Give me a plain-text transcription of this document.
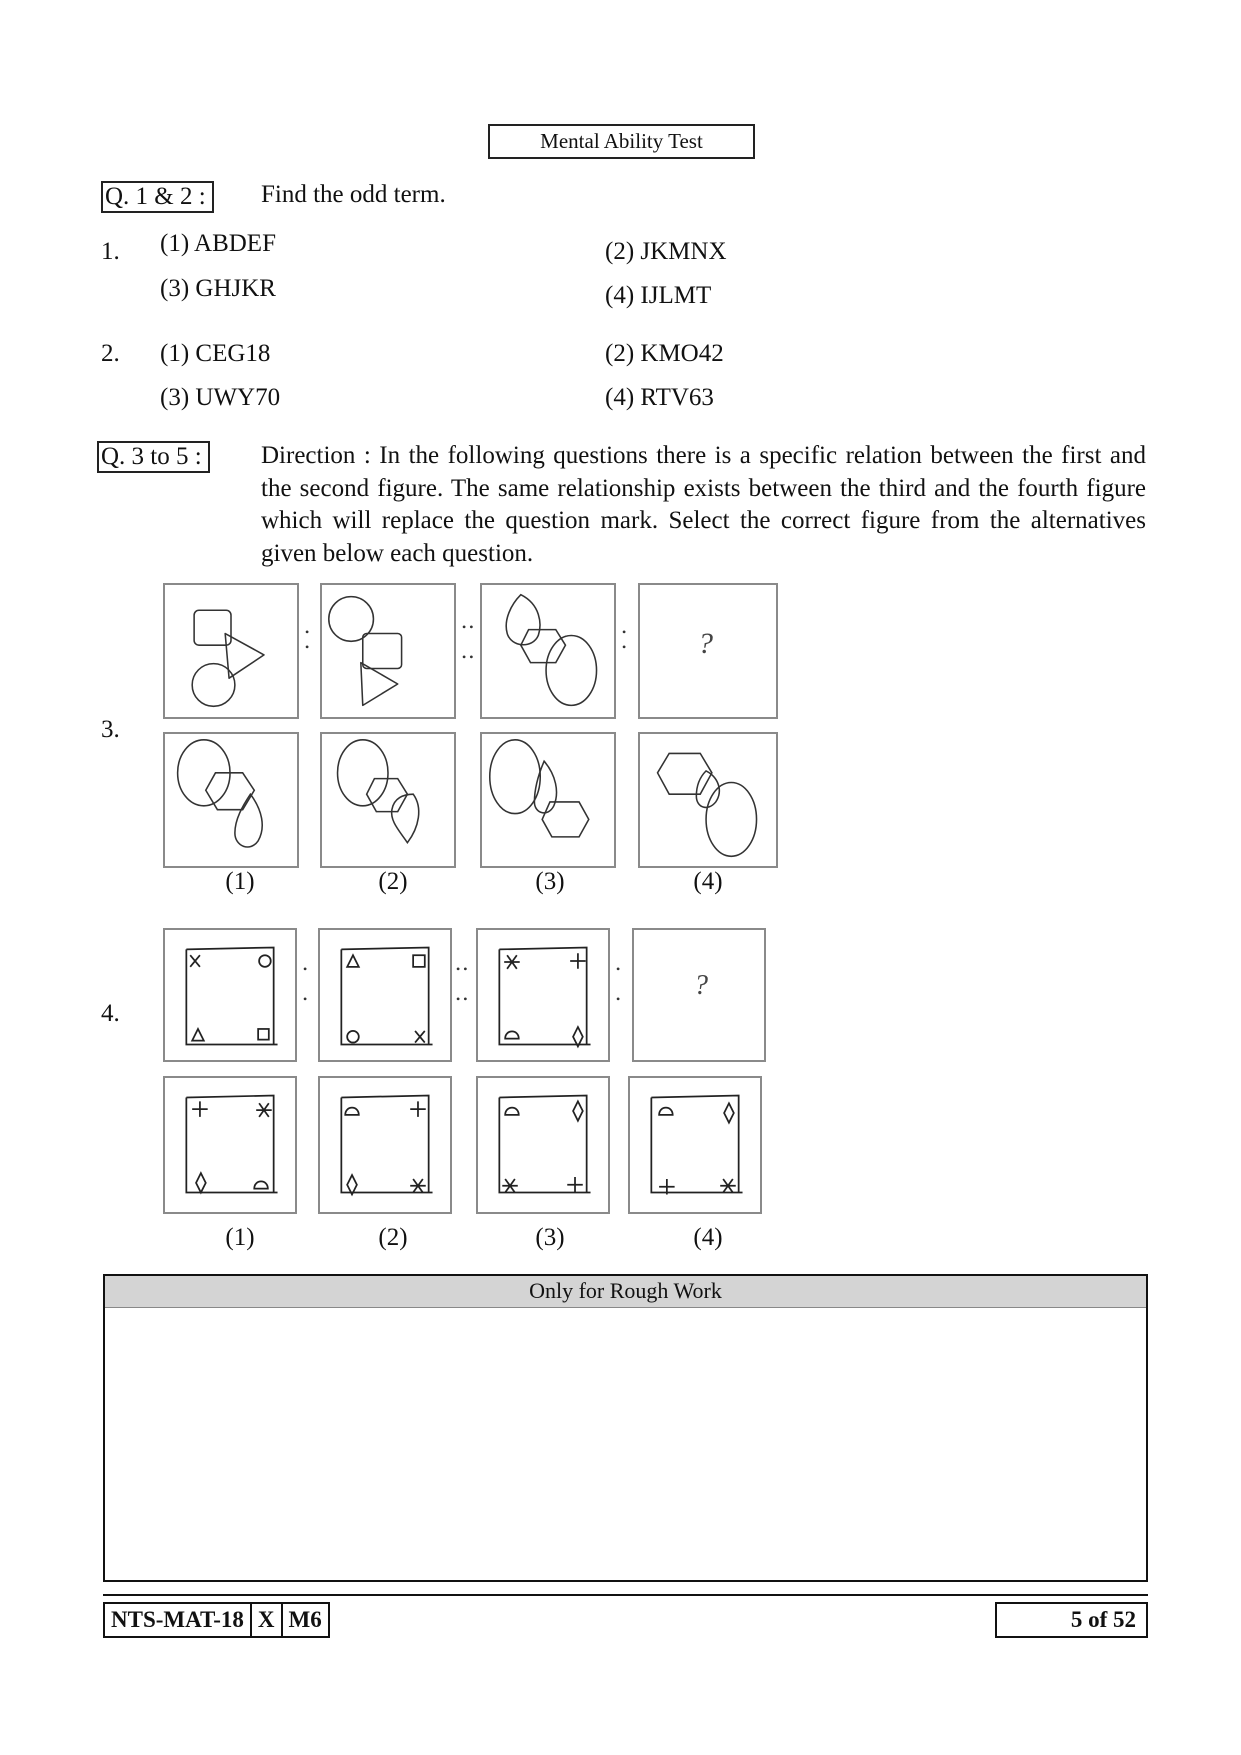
Mental Ability Test
Q. 1 & 2 :	Find the odd term.
1. (1) ABDEF	(2) JKMNX
(3) GHJKR	(4) IJLMT
2. (1) CEG18	(2) KMO42
(3) UWY70	(4) RTV63
Q. 3 to 5 :	Direction : In the following questions there is a specific relation between the first and the second figure. The same relationship exists between the third and the fourth figure which will replace the question mark. Select the correct figure from the alternatives given below each question.
3.
•
•
• •

• •
•
• ?
(1)	(2)	(3)	(4)
4.
•

•
• •

• •
•

•	?
(1)	(2)	(3)	(4)
Only for Rough Work
NTS-MAT-18 X M6	5 of 52
